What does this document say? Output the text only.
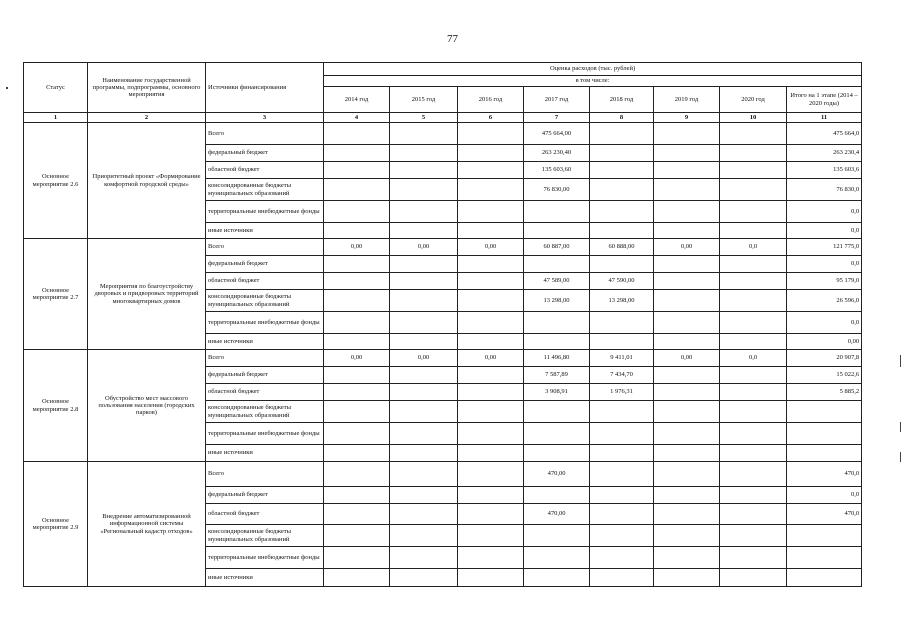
77
Статус	Наименование государственной программы, подпрограммы, основного мероприятия	Источники финансирования	Оценка расходов (тыс. рублей)							
			в том числе:							
			2014 год	2015 год	2016 год	2017 год	2018 год	2019 год	2020 год	Итого на 1 этапе (2014 – 2020 годы)
1	2	3	4	5	6	7	8	9	10	11
Основное мероприятие 2.6	Приоритетный проект «Формирование комфортной городской среды»	Всего				475 664,00				475 664,0
		федеральный бюджет				263 230,40				263 230,4
		областной бюджет				135 603,60				135 603,6
		консолидированные бюджеты муниципальных образований				76 830,00				76 830,0
		территориальные внебюджетные фонды								0,0
		иные источники								0,0
Основное мероприятие 2.7	Мероприятия по благоустройству дворовых и придворовых территорий многоквартирных домов	Всего	0,00	0,00	0,00	60 887,00	60 888,00	0,00	0,0	121 775,0
		федеральный бюджет								0,0
		областной бюджет				47 589,00	47 590,00			95 179,0
		консолидированные бюджеты муниципальных образований				13 298,00	13 298,00			26 596,0
		территориальные внебюджетные фонды								0,0
		иные источники								0,00
Основное мероприятие 2.8	Обустройство мест массового пользования населения (городских парков)	Всего	0,00	0,00	0,00	11 496,80	9 411,01	0,00	0,0	20 907,8
		федеральный бюджет				7 587,89	7 434,70			15 022,6
		областной бюджет				3 908,91	1 976,31			5 885,2
		консолидированные бюджеты муниципальных образований								
		территориальные внебюджетные фонды								
		иные источники								
Основное мероприятие 2.9	Внедрение автоматизированной информационной системы «Региональный кадастр отходов»	Всего				470,00				470,0
		федеральный бюджет								0,0
		областной бюджет				470,00				470,0
		консолидированные бюджеты муниципальных образований								
		территориальные внебюджетные фонды								
		иные источники								
